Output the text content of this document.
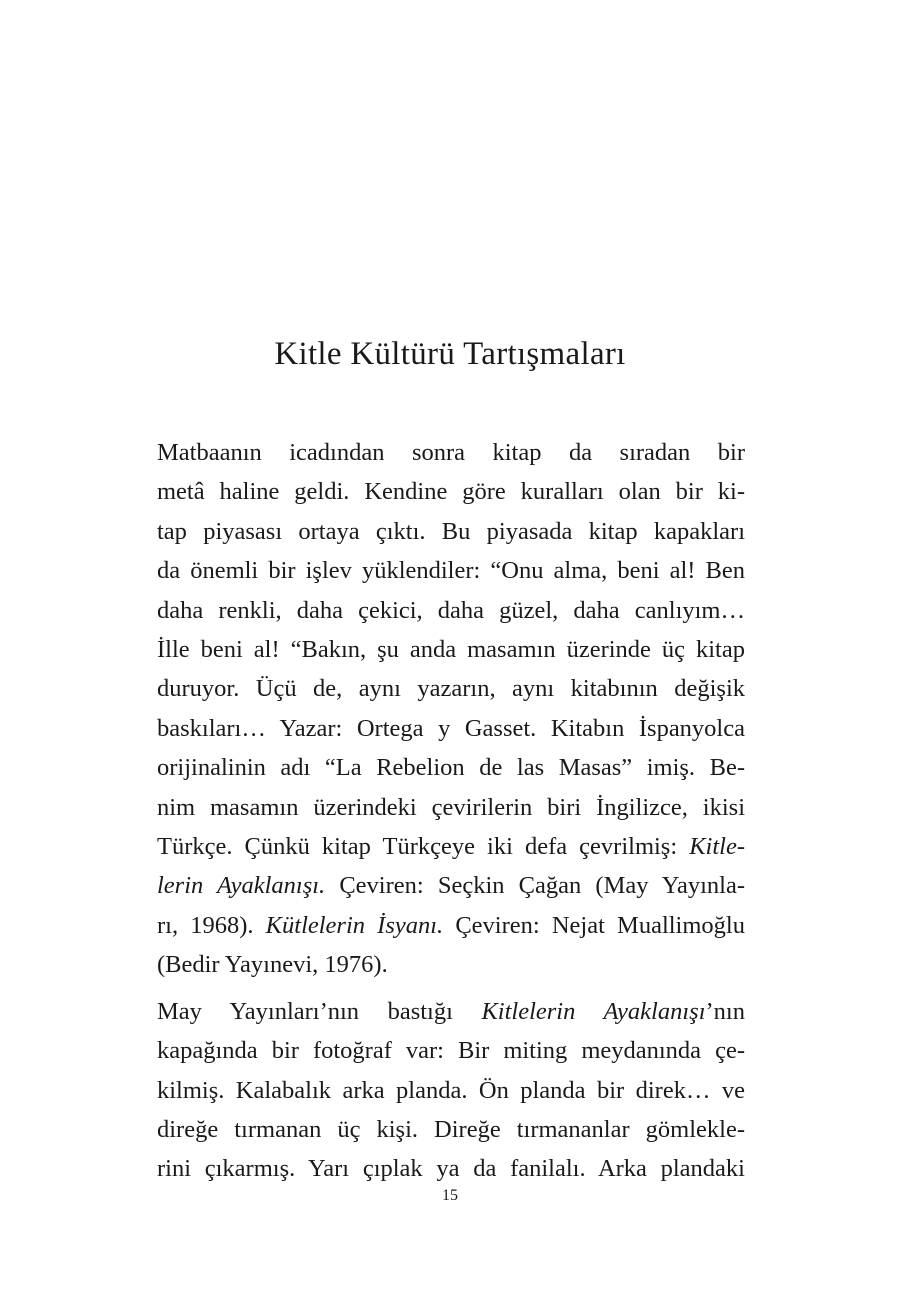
Kitle Kültürü Tartışmaları
Matbaanın icadından sonra kitap da sıradan bir
metâ haline geldi. Kendine göre kuralları olan bir ki-
tap piyasası ortaya çıktı. Bu piyasada kitap kapakları
da önemli bir işlev yüklendiler: “Onu alma, beni al! Ben
daha renkli, daha çekici, daha güzel, daha canlıyım…
İlle beni al! “Bakın, şu anda masamın üzerinde üç kitap
duruyor. Üçü de, aynı yazarın, aynı kitabının değişik
baskıları… Yazar: Ortega y Gasset. Kitabın İspanyolca
orijinalinin adı “La Rebelion de las Masas” imiş. Be-
nim masamın üzerindeki çevirilerin biri İngilizce, ikisi
Türkçe. Çünkü kitap Türkçeye iki defa çevrilmiş: Kitle-
lerin Ayaklanışı. Çeviren: Seçkin Çağan (May Yayınla-
rı, 1968). Kütlelerin İsyanı. Çeviren: Nejat Muallimoğlu
(Bedir Yayınevi, 1976).
May Yayınları’nın bastığı Kitlelerin Ayaklanışı’nın
kapağında bir fotoğraf var: Bir miting meydanında çe-
kilmiş. Kalabalık arka planda. Ön planda bir direk… ve
direğe tırmanan üç kişi. Direğe tırmananlar gömlekle-
rini çıkarmış. Yarı çıplak ya da fanilalı. Arka plandaki
15
